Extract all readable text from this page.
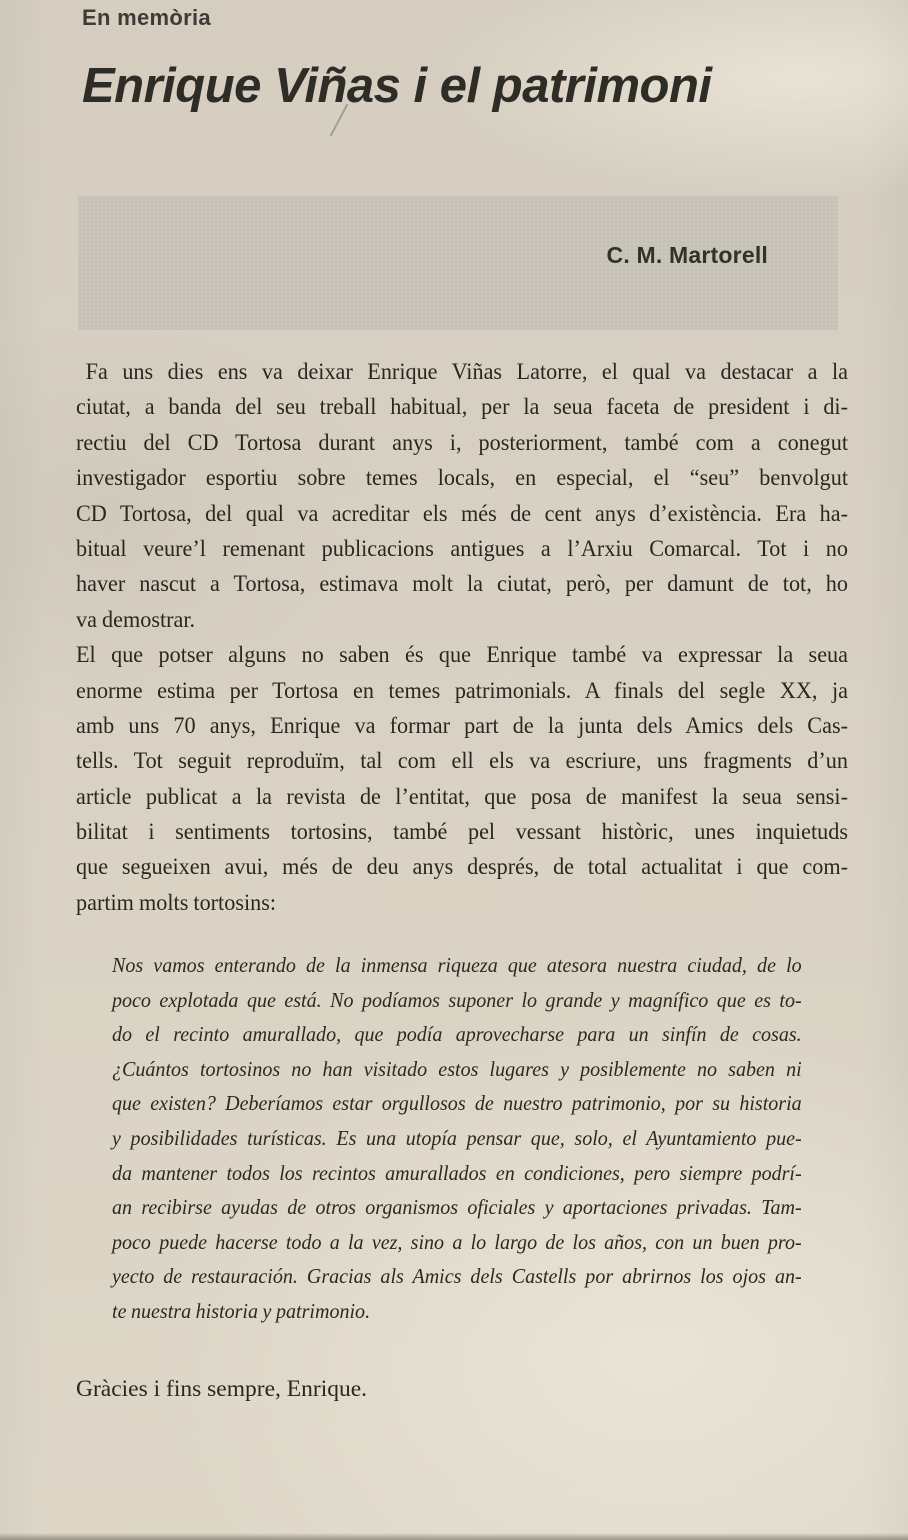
En memòria
Enrique Viñas i el patrimoni
C. M. Martorell
Fa uns dies ens va deixar Enrique Viñas Latorre, el qual va destacar a la
ciutat, a banda del seu treball habitual, per la seua faceta de president i di-
rectiu del CD Tortosa durant anys i, posteriorment, també com a conegut
investigador esportiu sobre temes locals, en especial, el “seu” benvolgut
CD Tortosa, del qual va acreditar els més de cent anys d’existència. Era ha-
bitual veure’l remenant publicacions antigues a l’Arxiu Comarcal. Tot i no
haver nascut a Tortosa, estimava molt la ciutat, però, per damunt de tot, ho
va demostrar.
El que potser alguns no saben és que Enrique també va expressar la seua
enorme estima per Tortosa en temes patrimonials. A finals del segle XX, ja
amb uns 70 anys, Enrique va formar part de la junta dels Amics dels Cas-
tells. Tot seguit reproduïm, tal com ell els va escriure, uns fragments d’un
article publicat a la revista de l’entitat, que posa de manifest la seua sensi-
bilitat i sentiments tortosins, també pel vessant històric, unes inquietuds
que segueixen avui, més de deu anys després, de total actualitat i que com-
partim molts tortosins:
Nos vamos enterando de la inmensa riqueza que atesora nuestra ciudad, de lo
poco explotada que está. No podíamos suponer lo grande y magnífico que es to-
do el recinto amurallado, que podía aprovecharse para un sinfín de cosas.
¿Cuántos tortosinos no han visitado estos lugares y posiblemente no saben ni
que existen? Deberíamos estar orgullosos de nuestro patrimonio, por su historia
y posibilidades turísticas. Es una utopía pensar que, solo, el Ayuntamiento pue-
da mantener todos los recintos amurallados en condiciones, pero siempre podrí-
an recibirse ayudas de otros organismos oficiales y aportaciones privadas. Tam-
poco puede hacerse todo a la vez, sino a lo largo de los años, con un buen pro-
yecto de restauración. Gracias als Amics dels Castells por abrirnos los ojos an-
te nuestra historia y patrimonio.
Gràcies i fins sempre, Enrique.
